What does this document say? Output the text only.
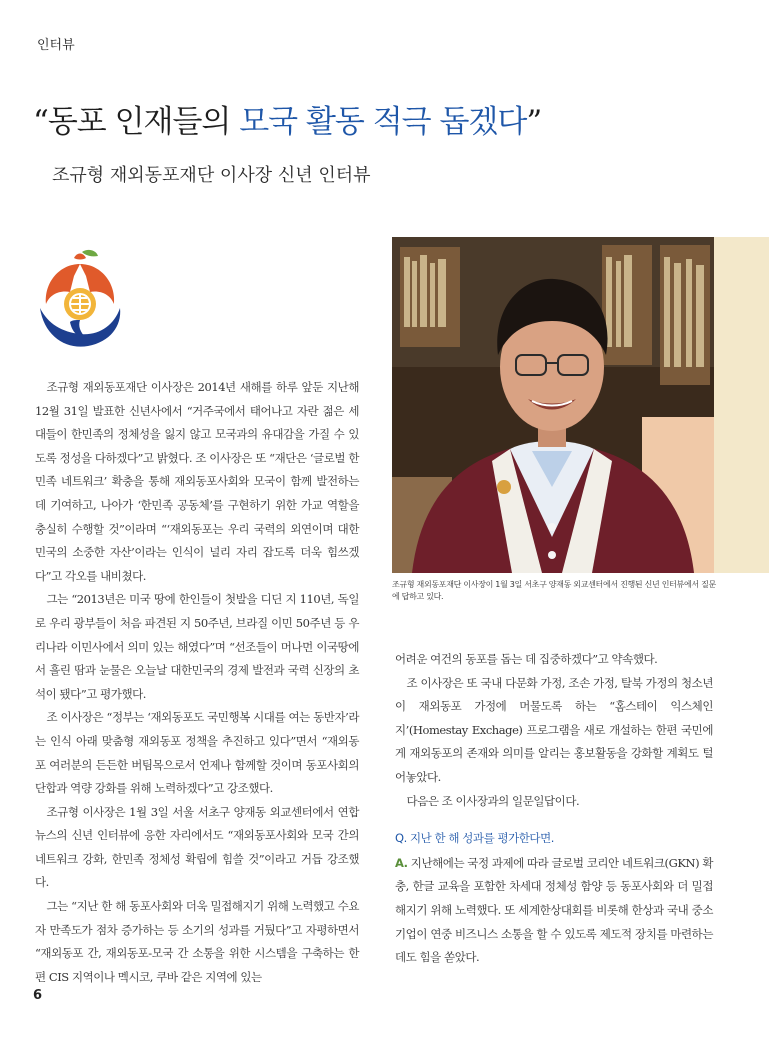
인터뷰
“동포 인재들의 모국 활동 적극 돕겠다”
조규형 재외동포재단 이사장 신년 인터뷰
조규형 재외동포재단 이사장이 1월 3일 서초구 양재동 외교센터에서 진행된 신년 인터뷰에서 질문에 답하고 있다.

조규형 재외동포재단 이사장은 2014년 새해를 하루 앞둔 지난해 12월 31일 발표한 신년사에서 “거주국에서 태어나고 자란 젊은 세대들이 한민족의 정체성을 잃지 않고 모국과의 유대감을 가질 수 있도록 정성을 다하겠다”고 밝혔다. 조 이사장은 또 “재단은 ‘글로벌 한민족 네트워크’ 확충을 통해 재외동포사회와 모국이 함께 발전하는 데 기여하고, 나아가 ‘한민족 공동체’를 구현하기 위한 가교 역할을 충실히 수행할 것”이라며 “‘재외동포는 우리 국력의 외연이며 대한민국의 소중한 자산’이라는 인식이 널리 자리 잡도록 더욱 힘쓰겠다”고 각오를 내비쳤다.

그는 “2013년은 미국 땅에 한인들이 첫발을 디딘 지 110년, 독일로 우리 광부들이 처음 파견된 지 50주년, 브라질 이민 50주년 등 우리나라 이민사에서 의미 있는 해였다”며 “선조들이 머나먼 이국땅에서 흘린 땀과 눈물은 오늘날 대한민국의 경제 발전과 국력 신장의 초석이 됐다”고 평가했다.

조 이사장은 “정부는 ‘재외동포도 국민행복 시대를 여는 동반자’라는 인식 아래 맞춤형 재외동포 정책을 추진하고 있다”면서 “재외동포 여러분의 든든한 버팀목으로서 언제나 함께할 것이며 동포사회의 단합과 역량 강화를 위해 노력하겠다”고 강조했다.

조규형 이사장은 1월 3일 서울 서초구 양재동 외교센터에서 연합뉴스의 신년 인터뷰에 응한 자리에서도 “재외동포사회와 모국 간의 네트워크 강화, 한민족 정체성 확립에 힘쓸 것”이라고 거듭 강조했다.

그는 “지난 한 해 동포사회와 더욱 밀접해지기 위해 노력했고 수요자 만족도가 점차 증가하는 등 소기의 성과를 거뒀다”고 자평하면서 “재외동포 간, 재외동포-모국 간 소통을 위한 시스템을 구축하는 한편 CIS 지역이나 멕시코, 쿠바 같은 지역에 있는

어려운 여건의 동포를 돕는 데 집중하겠다”고 약속했다.

조 이사장은 또 국내 다문화 가정, 조손 가정, 탈북 가정의 청소년이 재외동포 가정에 머물도록 하는 “홈스테이 익스체인지’(Homestay Exchage) 프로그램을 새로 개설하는 한편 국민에게 재외동포의 존재와 의미를 알리는 홍보활동을 강화할 계획도 털어놓았다.

다음은 조 이사장과의 일문일답이다.

Q. 지난 한 해 성과를 평가한다면.

A. 지난해에는 국정 과제에 따라 글로벌 코리안 네트워크(GKN) 확충, 한글 교육을 포함한 차세대 정체성 함양 등 동포사회와 더 밀접해지기 위해 노력했다. 또 세계한상대회를 비롯해 한상과 국내 중소기업이 연중 비즈니스 소통을 할 수 있도록 제도적 장치를 마련하는 데도 힘을 쏟았다.

6
